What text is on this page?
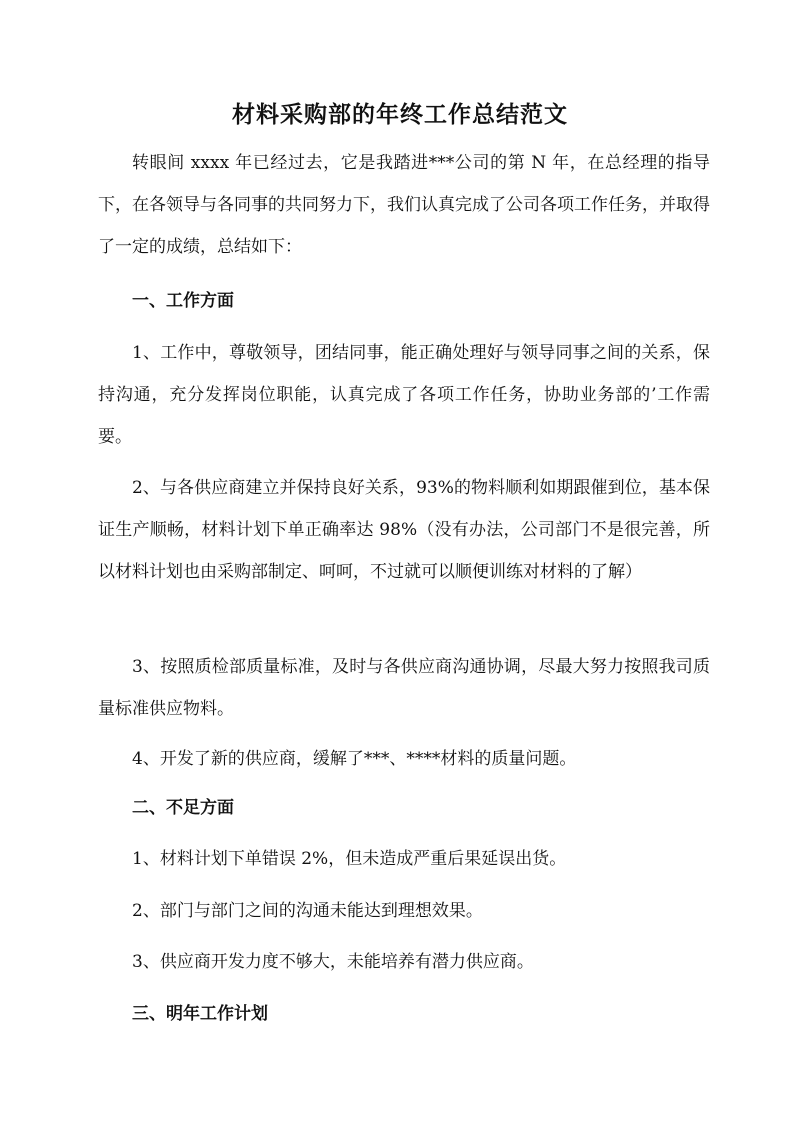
材料采购部的年终工作总结范文

转眼间 xxxx 年已经过去，它是我踏进***公司的第 N 年，在总经理的指导下，在各领导与各同事的共同努力下，我们认真完成了公司各项工作任务，并取得了一定的成绩，总结如下：

一、工作方面

1、工作中，尊敬领导，团结同事，能正确处理好与领导同事之间的关系，保持沟通，充分发挥岗位职能，认真完成了各项工作任务，协助业务部的’工作需要。

2、与各供应商建立并保持良好关系，93%的物料顺利如期跟催到位，基本保证生产顺畅，材料计划下单正确率达 98%（没有办法，公司部门不是很完善，所以材料计划也由采购部制定、呵呵，不过就可以顺便训练对材料的了解）

3、按照质检部质量标准，及时与各供应商沟通协调，尽最大努力按照我司质量标准供应物料。

4、开发了新的供应商，缓解了***、****材料的质量问题。

二、不足方面

1、材料计划下单错误 2%，但未造成严重后果延误出货。

2、部门与部门之间的沟通未能达到理想效果。

3、供应商开发力度不够大，未能培养有潜力供应商。

三、明年工作计划
